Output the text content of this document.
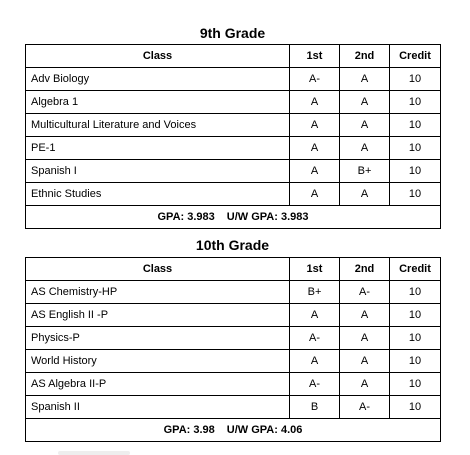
9th Grade
Class	1st	2nd	Credit
Adv Biology	A-	A	10
Algebra 1	A	A	10
Multicultural Literature and Voices	A	A	10
PE-1	A	A	10
Spanish I	A	B+	10
Ethnic Studies	A	A	10
GPA: 3.983 U/W GPA: 3.983			
10th Grade
Class	1st	2nd	Credit
AS Chemistry-HP	B+	A-	10
AS English II -P	A	A	10
Physics-P	A-	A	10
World History	A	A	10
AS Algebra II-P	A-	A	10
Spanish II	B	A-	10
GPA: 3.98 U/W GPA: 4.06			
